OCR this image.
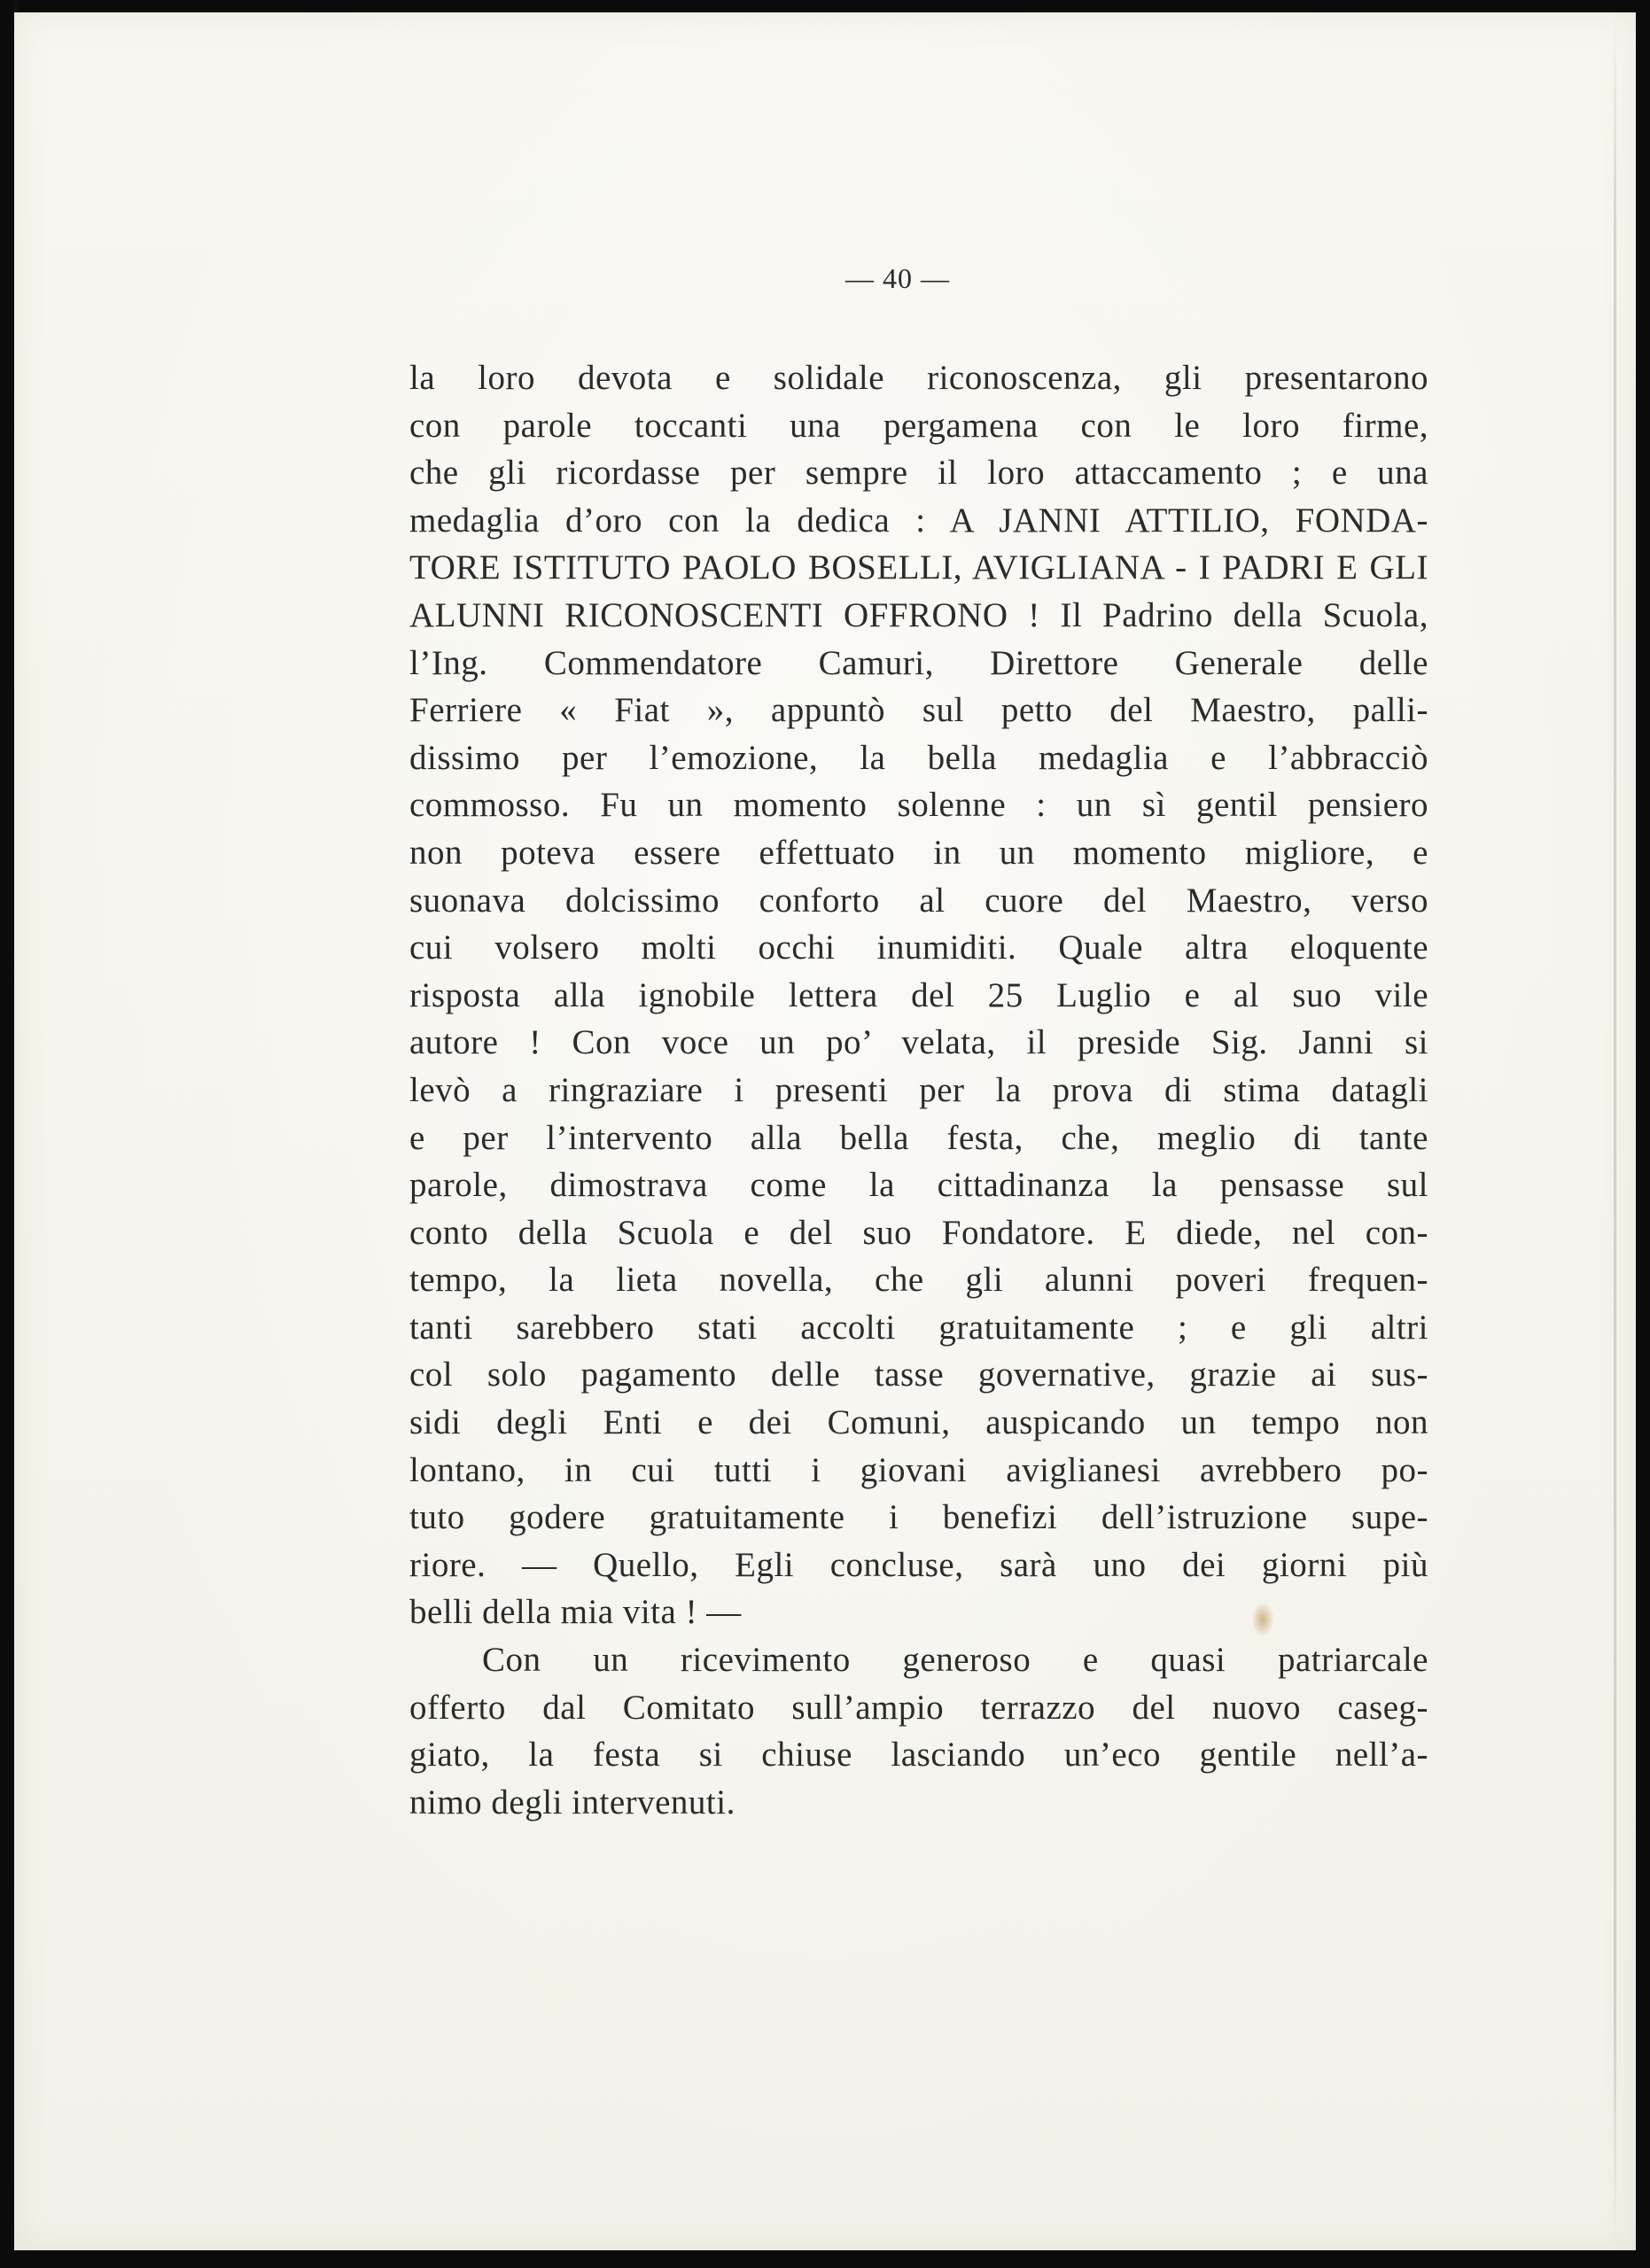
— 40 —
la loro devota e solidale riconoscenza, gli presentarono
con parole toccanti una pergamena con le loro firme,
che gli ricordasse per sempre il loro attaccamento ; e una
medaglia d’oro con la dedica : A JANNI ATTILIO, FONDA-
TORE ISTITUTO PAOLO BOSELLI, AVIGLIANA - I PADRI E GLI
ALUNNI RICONOSCENTI OFFRONO ! Il Padrino della Scuola,
l’Ing. Commendatore Camuri, Direttore Generale delle
Ferriere « Fiat », appuntò sul petto del Maestro, palli-
dissimo per l’emozione, la bella medaglia e l’abbracciò
commosso. Fu un momento solenne : un sì gentil pensiero
non poteva essere effettuato in un momento migliore, e
suonava dolcissimo conforto al cuore del Maestro, verso
cui volsero molti occhi inumiditi. Quale altra eloquente
risposta alla ignobile lettera del 25 Luglio e al suo vile
autore ! Con voce un po’ velata, il preside Sig. Janni si
levò a ringraziare i presenti per la prova di stima datagli
e per l’intervento alla bella festa, che, meglio di tante
parole, dimostrava come la cittadinanza la pensasse sul
conto della Scuola e del suo Fondatore. E diede, nel con-
tempo, la lieta novella, che gli alunni poveri frequen-
tanti sarebbero stati accolti gratuitamente ; e gli altri
col solo pagamento delle tasse governative, grazie ai sus-
sidi degli Enti e dei Comuni, auspicando un tempo non
lontano, in cui tutti i giovani aviglianesi avrebbero po-
tuto godere gratuitamente i benefizi dell’istruzione supe-
riore. — Quello, Egli concluse, sarà uno dei giorni più
belli della mia vita ! —
Con un ricevimento generoso e quasi patriarcale
offerto dal Comitato sull’ampio terrazzo del nuovo caseg-
giato, la festa si chiuse lasciando un’eco gentile nell’a-
nimo degli intervenuti.
